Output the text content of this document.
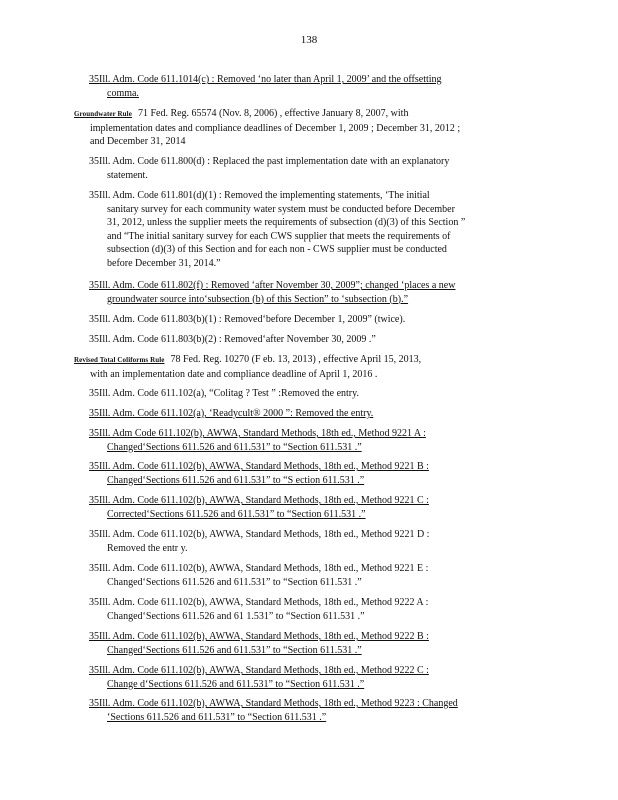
138
35Ill. Adm. Code 611.1014(c) : Removed ‘no later than April 1, 2009’ and the offsetting
comma.
Groundwater Rule 71 Fed. Reg. 65574 (Nov. 8, 2006) , effective January 8, 2007, with
implementation dates and compliance deadlines of December 1, 2009 ; December 31, 2012 ;
and December 31, 2014
35Ill. Adm. Code 611.800(d) : Replaced the past implementation date with an explanatory
statement.
35Ill. Adm. Code 611.801(d)(1) : Removed the implementing statements, ‘The initial
sanitary survey for each community water system must be conducted before December
31, 2012, unless the supplier meets the requirements of subsection (d)(3) of this Section ”
and “The initial sanitary survey for each CWS supplier that meets the requirements of
subsection (d)(3) of this Section and for each non - CWS supplier must be conducted
before December 31, 2014.”
35Ill. Adm. Code 611.802(f) : Removed ‘after November 30, 2009”; changed ‘places a new
groundwater source into‘subsection (b) of this Section” to ‘subsection (b).”
35Ill. Adm. Code 611.803(b)(1) : Removed‘before December 1, 2009” (twice).
35Ill. Adm. Code 611.803(b)(2) : Removed‘after November 30, 2009 .”
Revised Total Coliforms Rule 78 Fed. Reg. 10270 (F eb. 13, 2013) , effective April 15, 2013,
with an implementation date and compliance deadline of April 1, 2016 .
35Ill. Adm. Code 611.102(a), “Colitag ? Test ” :Removed the entry.
35Ill. Adm. Code 611.102(a), ‘Readycult® 2000 ”: Removed the entry.
35Ill. Adm Code 611.102(b), AWWA, Standard Methods, 18th ed., Method 9221 A :
Changed‘Sections 611.526 and 611.531” to “Section 611.531 .”
35Ill. Adm. Code 611.102(b), AWWA, Standard Methods, 18th ed., Method 9221 B :
Changed‘Sections 611.526 and 611.531” to “S ection 611.531 .”
35Ill. Adm. Code 611.102(b), AWWA, Standard Methods, 18th ed., Method 9221 C :
Corrected‘Sections 611.526 and 611.531” to “Section 611.531 .”
35Ill. Adm. Code 611.102(b), AWWA, Standard Methods, 18th ed., Method 9221 D :
Removed the entr y.
35Ill. Adm. Code 611.102(b), AWWA, Standard Methods, 18th ed., Method 9221 E :
Changed‘Sections 611.526 and 611.531” to “Section 611.531 .”
35Ill. Adm. Code 611.102(b), AWWA, Standard Methods, 18th ed., Method 9222 A :
Changed‘Sections 611.526 and 61 1.531” to “Section 611.531 .”
35Ill. Adm. Code 611.102(b), AWWA, Standard Methods, 18th ed., Method 9222 B :
Changed‘Sections 611.526 and 611.531” to “Section 611.531 .”
35Ill. Adm. Code 611.102(b), AWWA, Standard Methods, 18th ed., Method 9222 C :
Change d‘Sections 611.526 and 611.531” to “Section 611.531 .”
35Ill. Adm. Code 611.102(b), AWWA, Standard Methods, 18th ed., Method 9223 : Changed
‘Sections 611.526 and 611.531” to “Section 611.531 .”
